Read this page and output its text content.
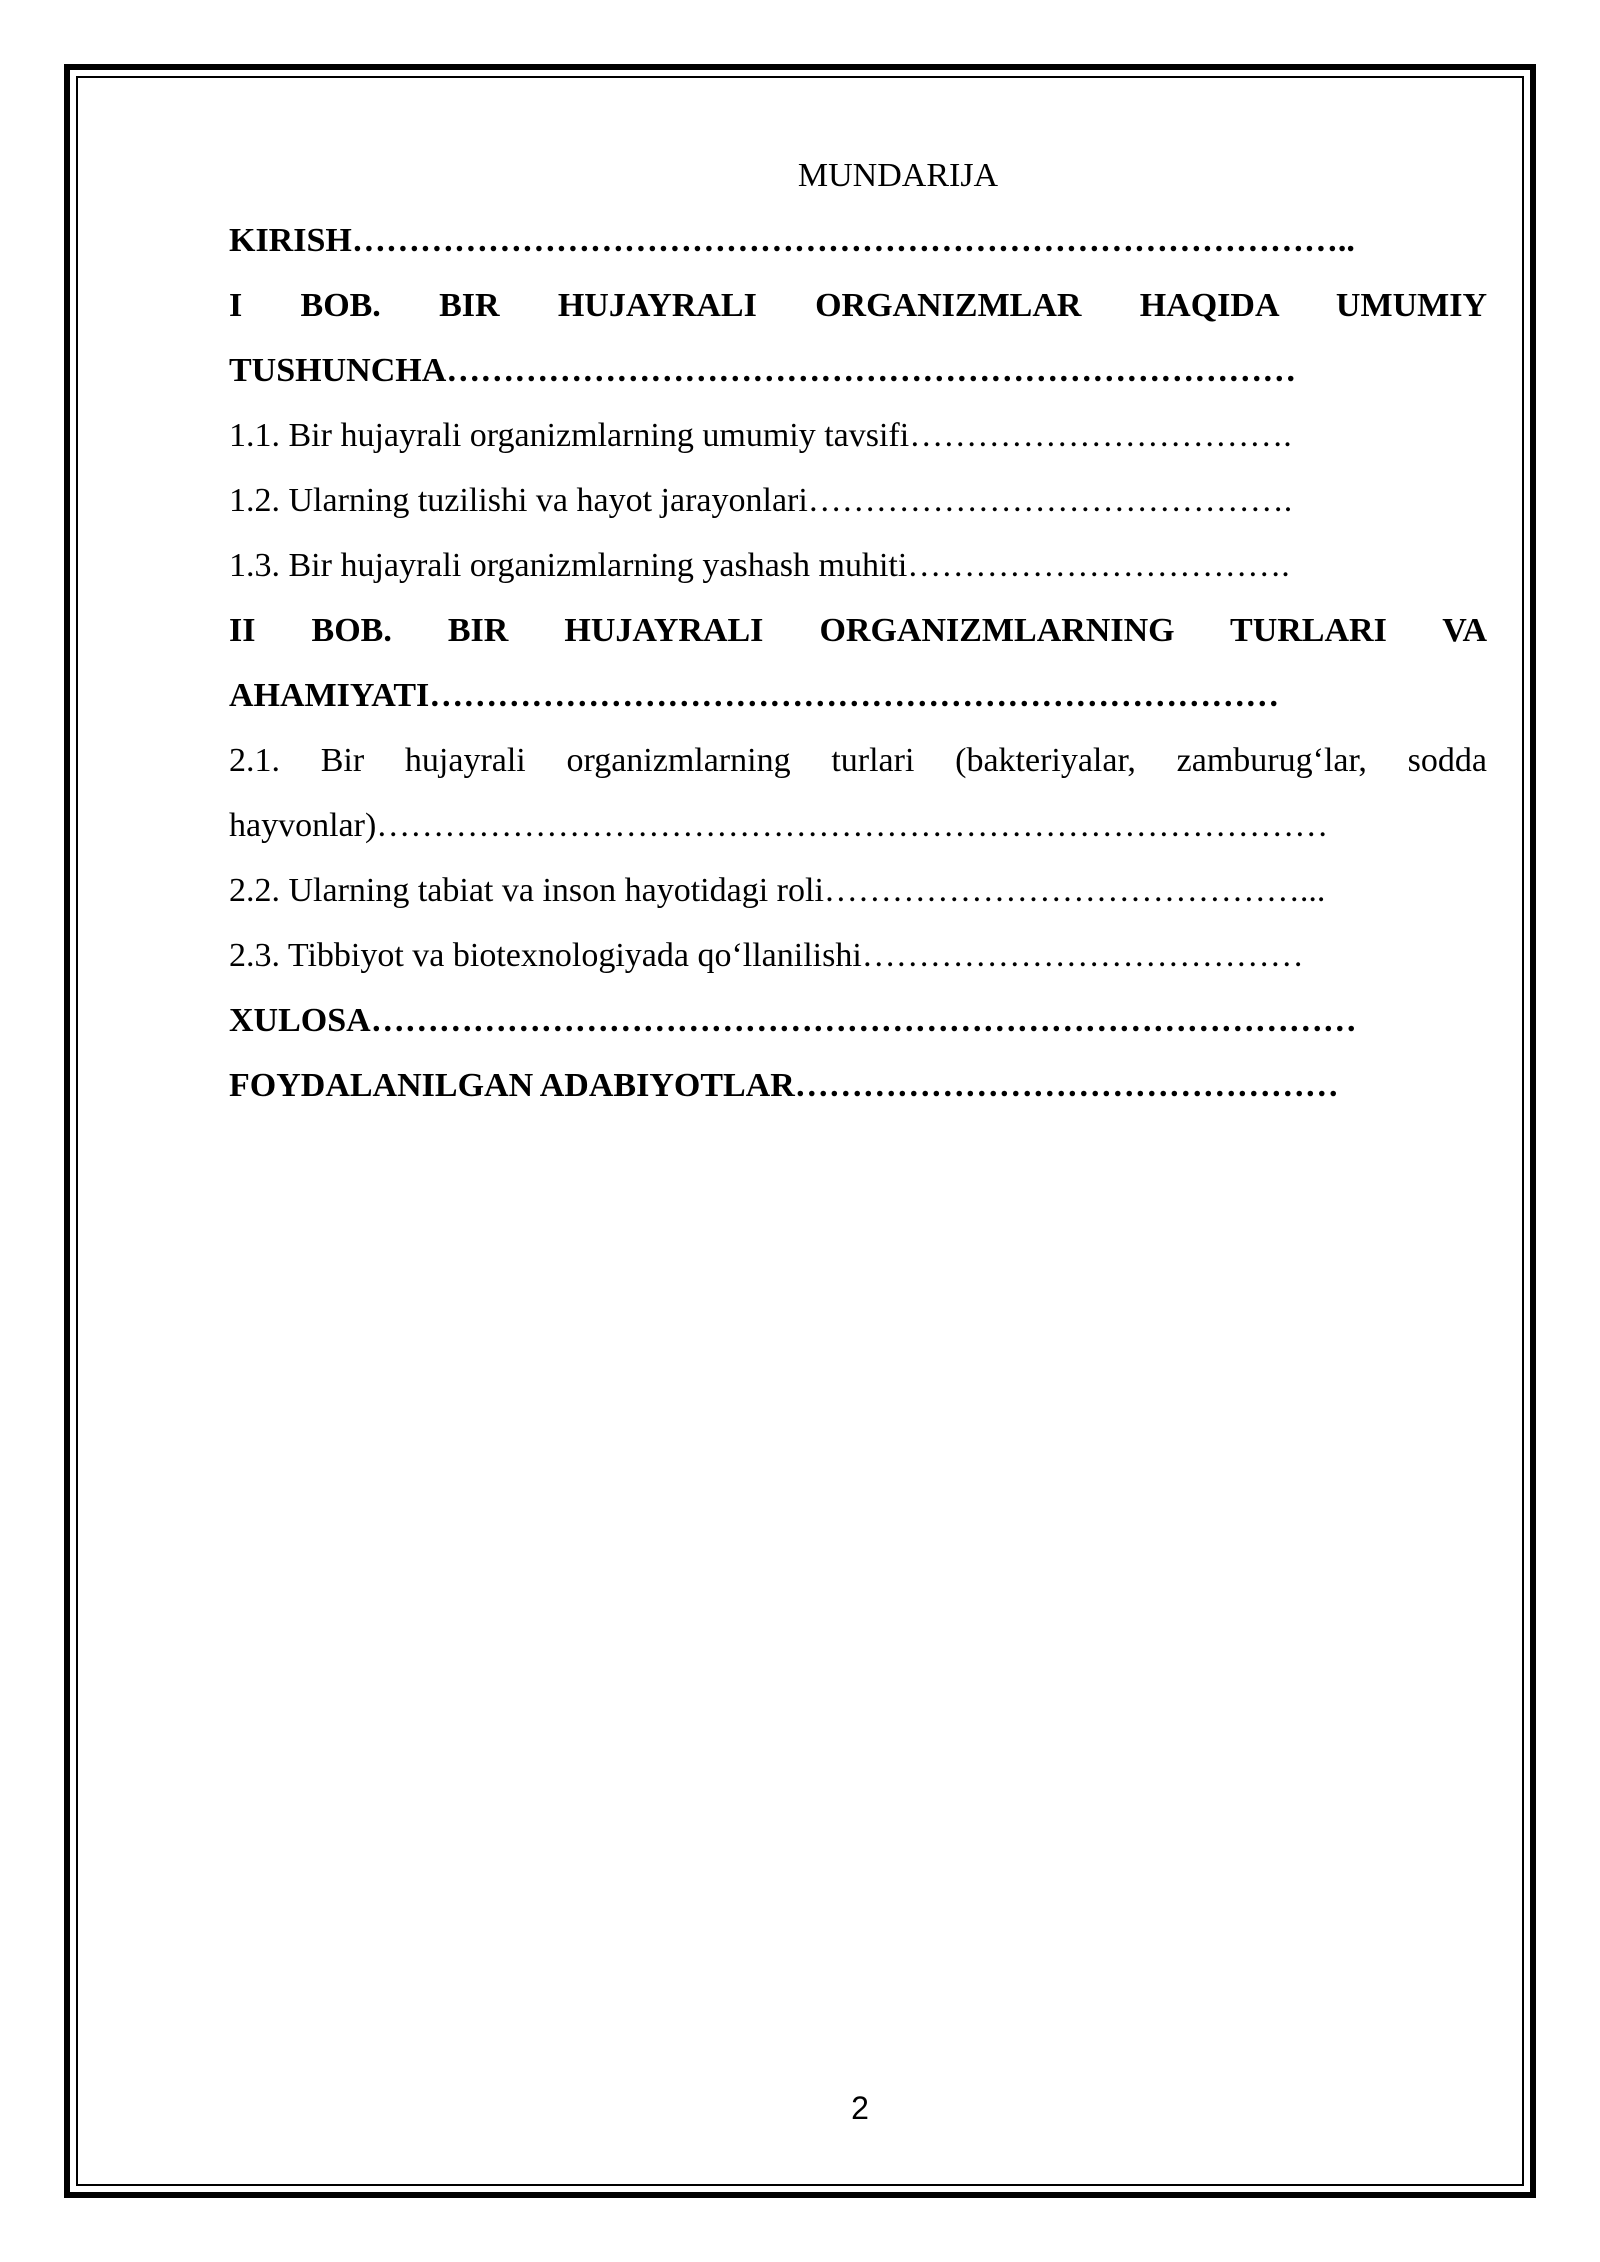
MUNDARIJA

KIRISH……………………………………………………………………………..

I BOB. BIR HUJAYRALI ORGANIZMLAR HAQIDA UMUMIY
TUSHUNCHA…………………………………………………………………

1.1. Bir hujayrali organizmlarning umumiy tavsifi…………………………….

1.2. Ularning tuzilishi va hayot jarayonlari…………………………………….

1.3. Bir hujayrali organizmlarning yashash muhiti…………………………….

II BOB. BIR HUJAYRALI ORGANIZMLARNING TURLARI VA
AHAMIYATI…………………………………………………………………

2.1. Bir hujayrali organizmlarning turlari (bakteriyalar, zamburug‘lar, sodda
hayvonlar)…………………………………………………………………………

2.2. Ularning tabiat va inson hayotidagi roli……………………………………...

2.3. Tibbiyot va biotexnologiyada qo‘llanilishi…………………………………

XULOSA……………………………………………………………………………

FOYDALANILGAN ADABIYOTLAR…………………………………………

2
